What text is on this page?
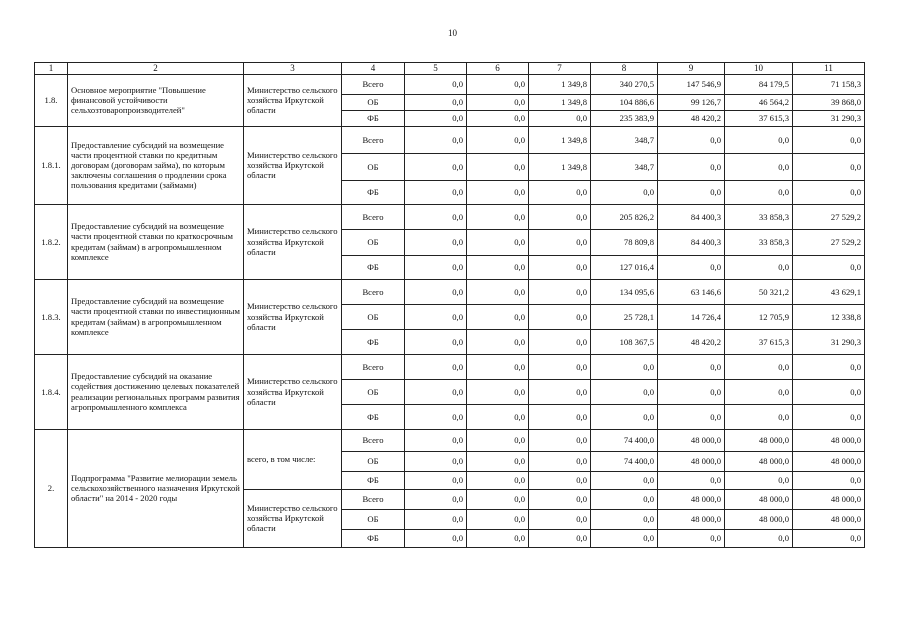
10
1	2	3	4	5	6	7	8	9	10	11
1.8.	Основное мероприятие "Повышение финансовой устойчивости сельхозтоваропроизводителей"	Министерство сельского хозяйства Иркутской области	Всего	0,0	0,0	1 349,8	340 270,5	147 546,9	84 179,5	71 158,3
			ОБ	0,0	0,0	1 349,8	104 886,6	99 126,7	46 564,2	39 868,0
			ФБ	0,0	0,0	0,0	235 383,9	48 420,2	37 615,3	31 290,3
1.8.1.	Предоставление субсидий на возмещение части процентной ставки по кредитным договорам (договорам займа), по которым заключены соглашения о продлении срока пользования кредитами (займами)	Министерство сельского хозяйства Иркутской области	Всего	0,0	0,0	1 349,8	348,7	0,0	0,0	0,0
			ОБ	0,0	0,0	1 349,8	348,7	0,0	0,0	0,0
			ФБ	0,0	0,0	0,0	0,0	0,0	0,0	0,0
1.8.2.	Предоставление субсидий на возмещение части процентной ставки по краткосрочным кредитам (займам) в агропромышленном комплексе	Министерство сельского хозяйства Иркутской области	Всего	0,0	0,0	0,0	205 826,2	84 400,3	33 858,3	27 529,2
			ОБ	0,0	0,0	0,0	78 809,8	84 400,3	33 858,3	27 529,2
			ФБ	0,0	0,0	0,0	127 016,4	0,0	0,0	0,0
1.8.3.	Предоставление субсидий на возмещение части процентной ставки по инвестиционным кредитам (займам) в агропромышленном комплексе	Министерство сельского хозяйства Иркутской области	Всего	0,0	0,0	0,0	134 095,6	63 146,6	50 321,2	43 629,1
			ОБ	0,0	0,0	0,0	25 728,1	14 726,4	12 705,9	12 338,8
			ФБ	0,0	0,0	0,0	108 367,5	48 420,2	37 615,3	31 290,3
1.8.4.	Предоставление субсидий на оказание содействия достижению целевых показателей реализации региональных программ развития агропромышленного комплекса	Министерство сельского хозяйства Иркутской области	Всего	0,0	0,0	0,0	0,0	0,0	0,0	0,0
			ОБ	0,0	0,0	0,0	0,0	0,0	0,0	0,0
			ФБ	0,0	0,0	0,0	0,0	0,0	0,0	0,0
2.	Подпрограмма "Развитие мелиорации земель сельскохозяйственного назначения Иркутской области" на 2014 - 2020 годы	всего, в том числе:	Всего	0,0	0,0	0,0	74 400,0	48 000,0	48 000,0	48 000,0
			ОБ	0,0	0,0	0,0	74 400,0	48 000,0	48 000,0	48 000,0
			ФБ	0,0	0,0	0,0	0,0	0,0	0,0	0,0
		Министерство сельского хозяйства Иркутской области	Всего	0,0	0,0	0,0	0,0	48 000,0	48 000,0	48 000,0
			ОБ	0,0	0,0	0,0	0,0	48 000,0	48 000,0	48 000,0
			ФБ	0,0	0,0	0,0	0,0	0,0	0,0	0,0
